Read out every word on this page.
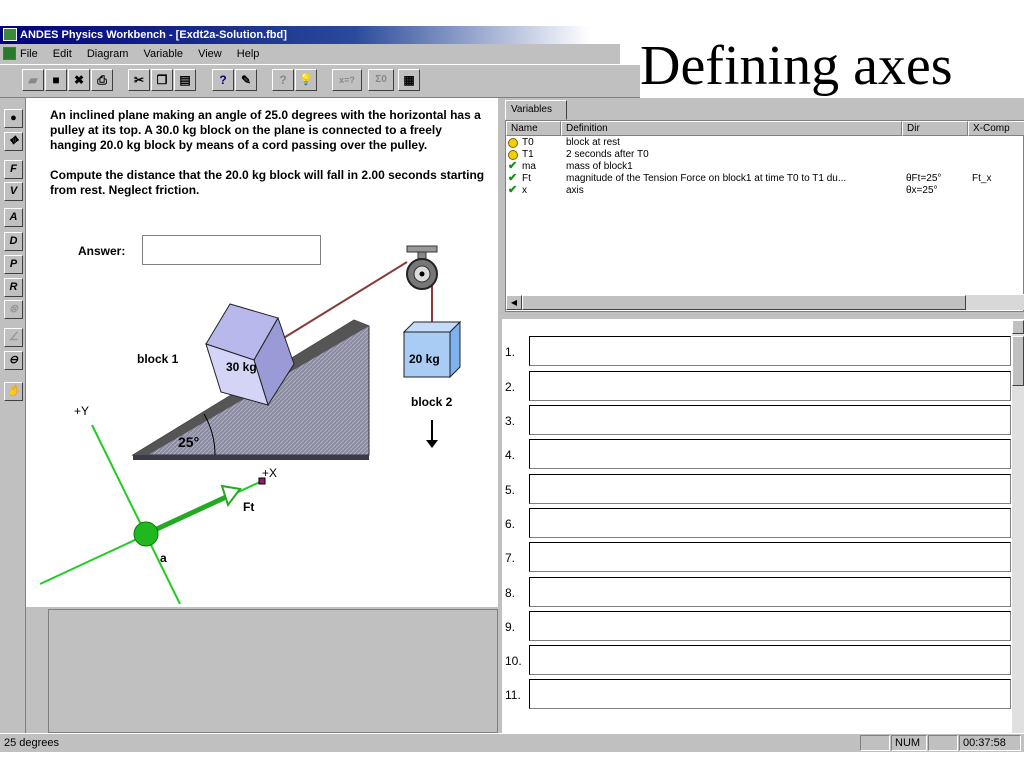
Defining axes
ANDES Physics Workbench - [Exdt2a-Solution.fbd]
File Edit Diagram Variable View Help
▰	■	✖	⎙	✂	❐ ▤	?	✎	?	💡	x=?	Σ0	▦
●
✥
F
V
A
D
P
R
⊗
∠
⊖
✋
block 1
30 kg
20 kg
block 2
25°
+Y
+X
Ft
a

An inclined plane making an angle of 25.0 degrees with the horizontal has a pulley at its top. A 30.0 kg block on the plane is connected to a freely hanging 20.0 kg block by means of a cord passing over the pulley.

Compute the distance that the 20.0 kg block will fall in 2.00 seconds starting from rest. Neglect friction.

Answer:
Variables
Name	Definition	Dir	X-Comp
T0	block at rest
T1	2 seconds after T0
✔ ma	mass of block1
✔ Ft	magnitude of the Tension Force on block1 at time T0 to T1 du...	θFt=25°	Ft_x
✔ x	axis	θx=25°
◀
1.
2.
3.
4.
5.
6.
7.
8.
9.
10.
11.
25 degrees	NUM	00:37:58
